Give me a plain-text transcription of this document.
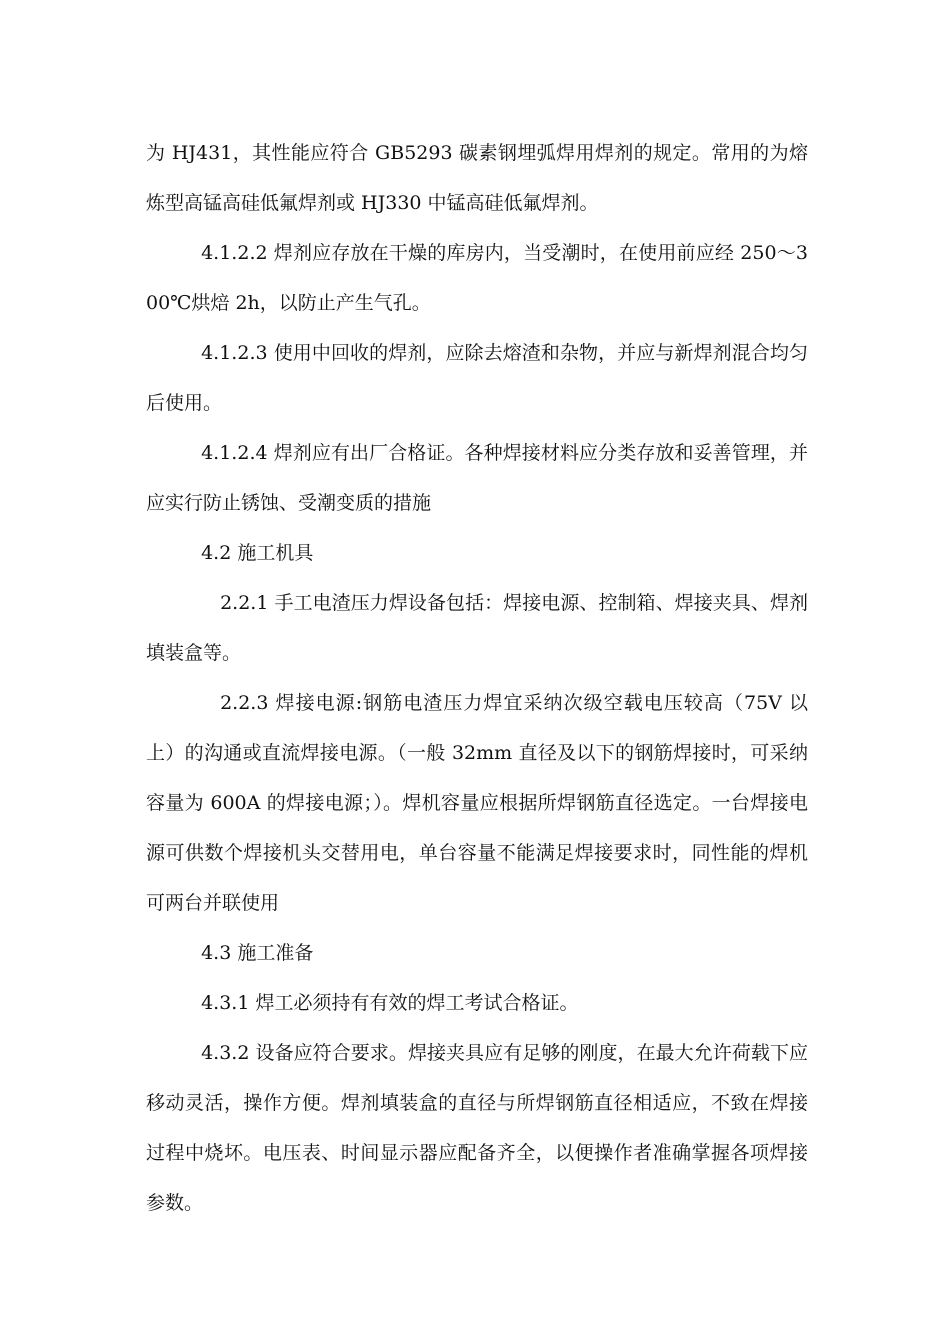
为 HJ431，其性能应符合 GB5293 碳素钢埋弧焊用焊剂的规定。常用的为熔炼型高锰高硅低氟焊剂或 HJ330 中锰高硅低氟焊剂。

4.1.2.2 焊剂应存放在干燥的库房内，当受潮时，在使用前应经 250～300℃烘焙 2h，以防止产生气孔。

4.1.2.3 使用中回收的焊剂，应除去熔渣和杂物，并应与新焊剂混合均匀后使用。

4.1.2.4 焊剂应有出厂合格证。各种焊接材料应分类存放和妥善管理，并应实行防止锈蚀、受潮变质的措施

4.2 施工机具

2.2.1 手工电渣压力焊设备包括：焊接电源、控制箱、焊接夹具、焊剂填装盒等。

2.2.3 焊接电源:钢筋电渣压力焊宜采纳次级空载电压较高（75V 以上）的沟通或直流焊接电源。（一般 32mm 直径及以下的钢筋焊接时，可采纳容量为 600A 的焊接电源；）。焊机容量应根据所焊钢筋直径选定。一台焊接电源可供数个焊接机头交替用电，单台容量不能满足焊接要求时，同性能的焊机可两台并联使用

4.3 施工准备

4.3.1 焊工必须持有有效的焊工考试合格证。

4.3.2 设备应符合要求。焊接夹具应有足够的刚度，在最大允许荷载下应移动灵活，操作方便。焊剂填装盒的直径与所焊钢筋直径相适应，不致在焊接过程中烧坏。电压表、时间显示器应配备齐全，以便操作者准确掌握各项焊接参数。
